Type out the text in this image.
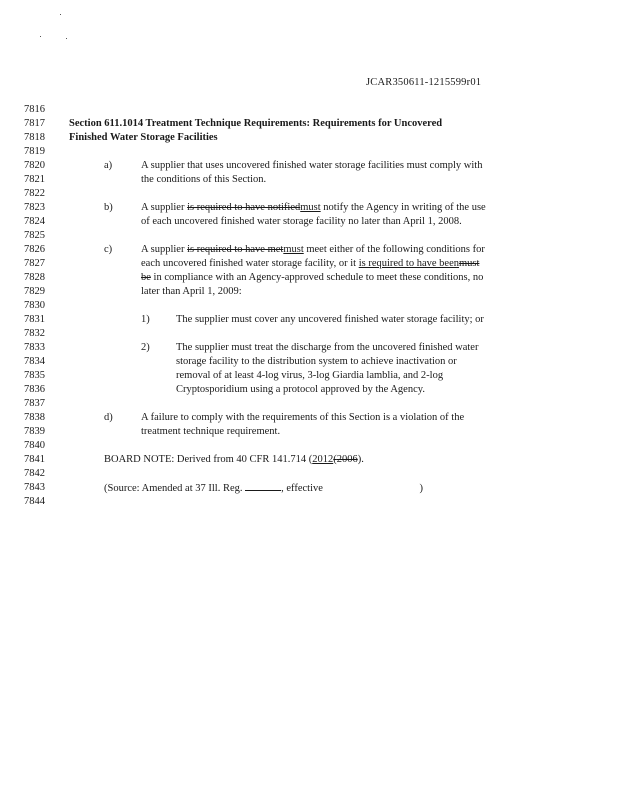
JCAR350611-1215599r01
7816
7817
7818
7819
7820
7821
7822
7823
7824
7825
7826
7827
7828
7829
7830
7831
7832
7833
7834
7835
7836
7837
7838
7839
7840
7841
7842
7843
7844
Section 611.1014 Treatment Technique Requirements: Requirements for Uncovered
Finished Water Storage Facilities
a)	A supplier that uses uncovered finished water storage facilities must comply with
the conditions of this Section.
b)	A supplier is required to have notifiedmust notify the Agency in writing of the use
of each uncovered finished water storage facility no later than April 1, 2008.
c)	A supplier is required to have metmust meet either of the following conditions for
each uncovered finished water storage facility, or it is required to have beenmust
be in compliance with an Agency-approved schedule to meet these conditions, no
later than April 1, 2009:
1)	The supplier must cover any uncovered finished water storage facility; or
2)	The supplier must treat the discharge from the uncovered finished water
storage facility to the distribution system to achieve inactivation or
removal of at least 4-log virus, 3-log Giardia lamblia, and 2-log
Cryptosporidium using a protocol approved by the Agency.
d)	A failure to comply with the requirements of this Section is a violation of the
treatment technique requirement.
BOARD NOTE: Derived from 40 CFR 141.714 (2012(2006).
(Source: Amended at 37 Ill. Reg.	, effective	)
